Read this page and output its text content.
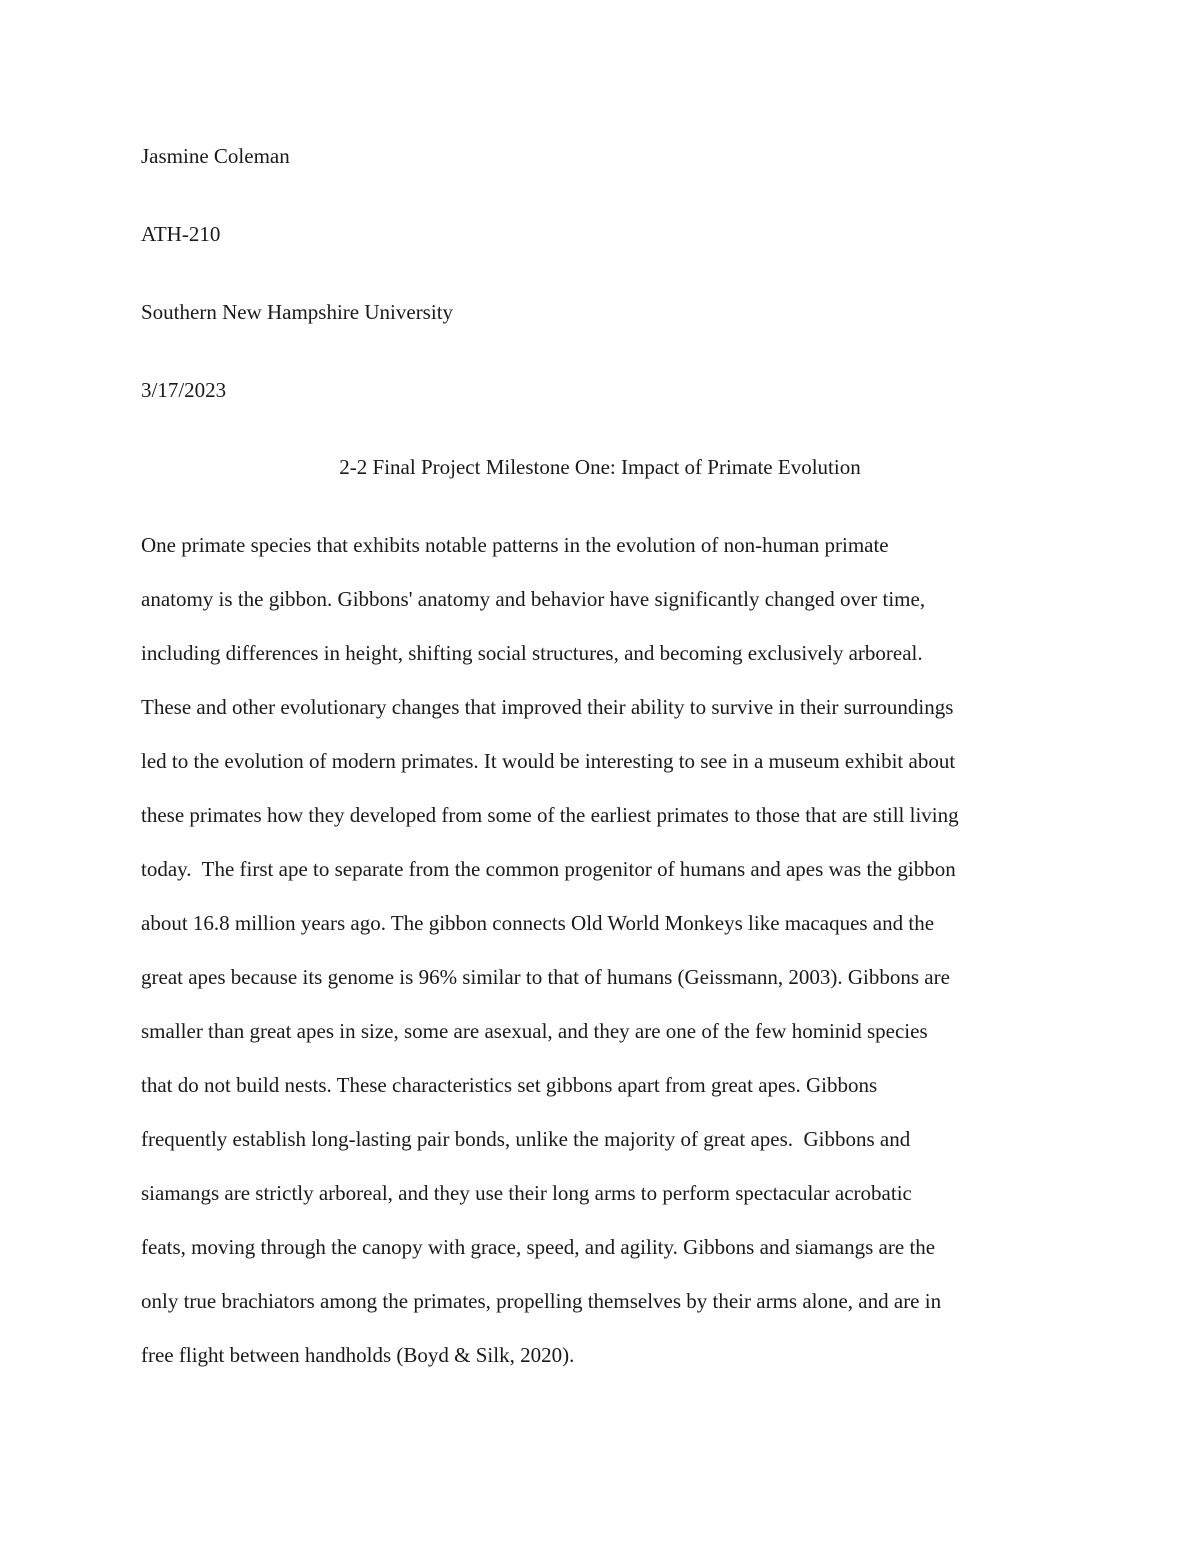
Jasmine Coleman
ATH-210
Southern New Hampshire University
3/17/2023
2-2 Final Project Milestone One: Impact of Primate Evolution
One primate species that exhibits notable patterns in the evolution of non-human primate
anatomy is the gibbon. Gibbons' anatomy and behavior have significantly changed over time,
including differences in height, shifting social structures, and becoming exclusively arboreal.
These and other evolutionary changes that improved their ability to survive in their surroundings
led to the evolution of modern primates. It would be interesting to see in a museum exhibit about
these primates how they developed from some of the earliest primates to those that are still living
today.  The first ape to separate from the common progenitor of humans and apes was the gibbon
about 16.8 million years ago. The gibbon connects Old World Monkeys like macaques and the
great apes because its genome is 96% similar to that of humans (Geissmann, 2003). Gibbons are
smaller than great apes in size, some are asexual, and they are one of the few hominid species
that do not build nests. These characteristics set gibbons apart from great apes. Gibbons
frequently establish long-lasting pair bonds, unlike the majority of great apes.  Gibbons and
siamangs are strictly arboreal, and they use their long arms to perform spectacular acrobatic
feats, moving through the canopy with grace, speed, and agility. Gibbons and siamangs are the
only true brachiators among the primates, propelling themselves by their arms alone, and are in
free flight between handholds (Boyd & Silk, 2020).
